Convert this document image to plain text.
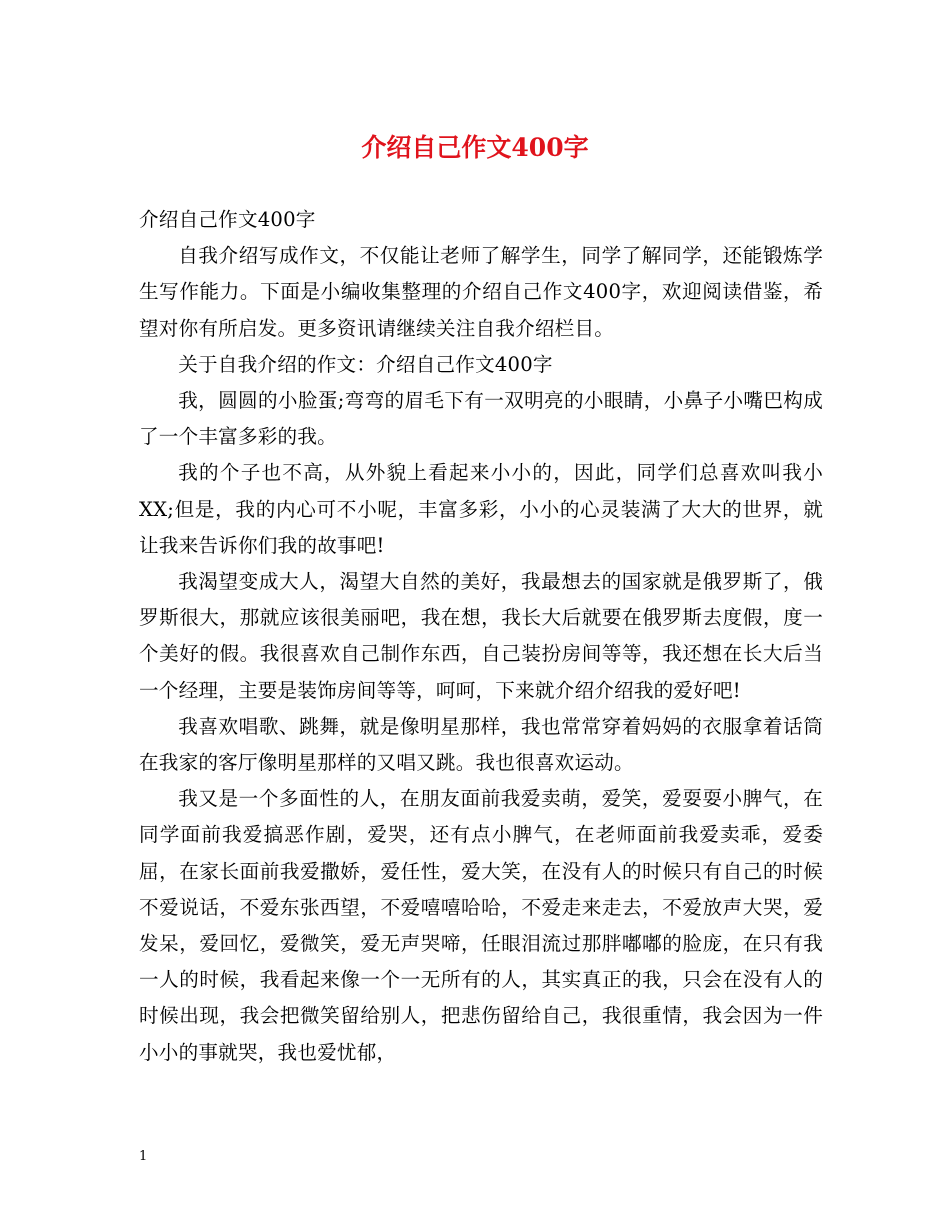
介绍自己作文400字

介绍自己作文400字

自我介绍写成作文，不仅能让老师了解学生，同学了解同学，还能锻炼学生写作能力。下面是小编收集整理的介绍自己作文400字，欢迎阅读借鉴，希望对你有所启发。更多资讯请继续关注自我介绍栏目。

关于自我介绍的作文：介绍自己作文400字

我，圆圆的小脸蛋;弯弯的眉毛下有一双明亮的小眼睛，小鼻子小嘴巴构成了一个丰富多彩的我。

我的个子也不高，从外貌上看起来小小的，因此，同学们总喜欢叫我小XX;但是，我的内心可不小呢，丰富多彩，小小的心灵装满了大大的世界，就让我来告诉你们我的故事吧!

我渴望变成大人，渴望大自然的美好，我最想去的国家就是俄罗斯了，俄罗斯很大，那就应该很美丽吧，我在想，我长大后就要在俄罗斯去度假，度一个美好的假。我很喜欢自己制作东西，自己装扮房间等等，我还想在长大后当一个经理，主要是装饰房间等等，呵呵，下来就介绍介绍我的爱好吧!

我喜欢唱歌、跳舞，就是像明星那样，我也常常穿着妈妈的衣服拿着话筒在我家的客厅像明星那样的又唱又跳。我也很喜欢运动。

我又是一个多面性的人，在朋友面前我爱卖萌，爱笑，爱耍耍小脾气，在同学面前我爱搞恶作剧，爱哭，还有点小脾气，在老师面前我爱卖乖，爱委屈，在家长面前我爱撒娇，爱任性，爱大笑，在没有人的时候只有自己的时候不爱说话，不爱东张西望，不爱嘻嘻哈哈，不爱走来走去，不爱放声大哭，爱发呆，爱回忆，爱微笑，爱无声哭啼，任眼泪流过那胖嘟嘟的脸庞，在只有我一人的时候，我看起来像一个一无所有的人，其实真正的我，只会在没有人的时候出现，我会把微笑留给别人，把悲伤留给自己，我很重情，我会因为一件小小的事就哭，我也爱忧郁，

1
